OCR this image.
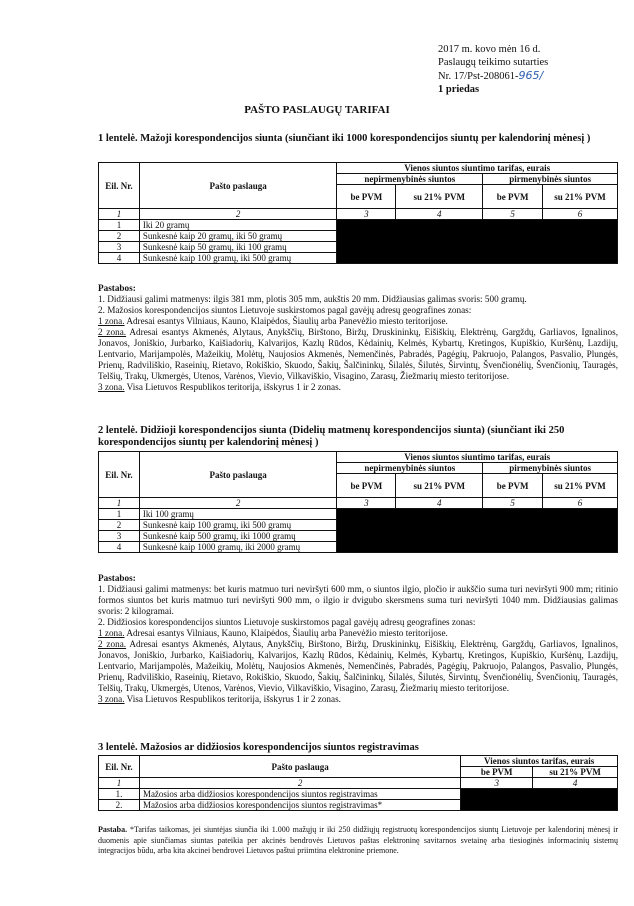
2017 m. kovo mėn 16 d.
Paslaugų teikimo sutarties
Nr. 17/Pst-208061-965/
1 priedas
PAŠTO PASLAUGŲ TARIFAI
1 lentelė. Mažoji korespondencijos siunta (siunčiant iki 1000 korespondencijos siuntų per kalendorinį mėnesį )
Eil. Nr.	Pašto paslauga	Vienos siuntos siuntimo tarifas, eurais			
		nepirmenybinės siuntos		pirmenybinės siuntos	
		be PVM	su 21% PVM	be PVM	su 21% PVM
1	2	3	4	5	6
1	Iki 20 gramų				
2	Sunkesnė kaip 20 gramų, iki 50 gramų				
3	Sunkesnė kaip 50 gramų, iki 100 gramų				
4	Sunkesnė kaip 100 gramų, iki 500 gramų				

Pastabos:

1. Didžiausi galimi matmenys: ilgis 381 mm, plotis 305 mm, aukštis 20 mm. Didžiausias galimas svoris: 500 gramų.

2. Mažosios korespondencijos siuntos Lietuvoje suskirstomos pagal gavėjų adresų geografines zonas:

1 zona. Adresai esantys Vilniaus, Kauno, Klaipėdos, Šiaulių arba Panevėžio miesto teritorijose.

2 zona. Adresai esantys Akmenės, Alytaus, Anykščių, Birštono, Biržų, Druskininkų, Eišiškių, Elektrėnų, Gargždų, Garliavos, Ignalinos, Jonavos, Joniškio, Jurbarko, Kaišiadorių, Kalvarijos, Kazlų Rūdos, Kėdainių, Kelmės, Kybartų, Kretingos, Kupiškio, Kuršėnų, Lazdijų, Lentvario, Marijampolės, Mažeikių, Molėtų, Naujosios Akmenės, Nemenčinės, Pabradės, Pagėgių, Pakruojo, Palangos, Pasvalio, Plungės, Prienų, Radviliškio, Raseinių, Rietavo, Rokiškio, Skuodo, Šakių, Šalčininkų, Šilalės, Šilutės, Širvintų, Švenčionėlių, Švenčionių, Tauragės, Telšių, Trakų, Ukmergės, Utenos, Varėnos, Vievio, Vilkaviškio, Visagino, Zarasų, Žiežmarių miesto teritorijose.

3 zona. Visa Lietuvos Respublikos teritorija, išskyrus 1 ir 2 zonas.

2 lentelė. Didžioji korespondencijos siunta (Didelių matmenų korespondencijos siunta) (siunčiant iki 250 korespondencijos siuntų per kalendorinį mėnesį )
Eil. Nr.	Pašto paslauga	Vienos siuntos siuntimo tarifas, eurais			
		nepirmenybinės siuntos		pirmenybinės siuntos	
		be PVM	su 21% PVM	be PVM	su 21% PVM
1	2	3	4	5	6
1	Iki 100 gramų				
2	Sunkesnė kaip 100 gramų, iki 500 gramų				
3	Sunkesnė kaip 500 gramų, iki 1000 gramų				
4	Sunkesnė kaip 1000 gramų, iki 2000 gramų				

Pastabos:

1. Didžiausi galimi matmenys: bet kuris matmuo turi neviršyti 600 mm, o siuntos ilgio, pločio ir aukščio suma turi neviršyti 900 mm; ritinio formos siuntos bet kuris matmuo turi neviršyti 900 mm, o ilgio ir dvigubo skersmens suma turi neviršyti 1040 mm. Didžiausias galimas svoris: 2 kilogramai.

2. Didžiosios korespondencijos siuntos Lietuvoje suskirstomos pagal gavėjų adresų geografines zonas:

1 zona. Adresai esantys Vilniaus, Kauno, Klaipėdos, Šiaulių arba Panevėžio miesto teritorijose.

2 zona. Adresai esantys Akmenės, Alytaus, Anykščių, Birštono, Biržų, Druskininkų, Eišiškių, Elektrėnų, Gargždų, Garliavos, Ignalinos, Jonavos, Joniškio, Jurbarko, Kaišiadorių, Kalvarijos, Kazlų Rūdos, Kėdainių, Kelmės, Kybartų, Kretingos, Kupiškio, Kuršėnų, Lazdijų, Lentvario, Marijampolės, Mažeikių, Molėtų, Naujosios Akmenės, Nemenčinės, Pabradės, Pagėgių, Pakruojo, Palangos, Pasvalio, Plungės, Prienų, Radviliškio, Raseinių, Rietavo, Rokiškio, Skuodo, Šakių, Šalčininkų, Šilalės, Šilutės, Širvintų, Švenčionėlių, Švenčionių, Tauragės, Telšių, Trakų, Ukmergės, Utenos, Varėnos, Vievio, Vilkaviškio, Visagino, Zarasų, Žiežmarių miesto teritorijose.

3 zona. Visa Lietuvos Respublikos teritorija, išskyrus 1 ir 2 zonas.

3 lentelė. Mažosios ar didžiosios korespondencijos siuntos registravimas
Eil. Nr.	Pašto paslauga	Vienos siuntos tarifas, eurais	
		be PVM	su 21% PVM
1	2	3	4
1.	Mažosios arba didžiosios korespondencijos siuntos registravimas		
2.	Mažosios arba didžiosios korespondencijos siuntos registravimas*		
Pastaba. *Tarifas taikomas, jei siuntėjas siunčia iki 1.000 mažųjų ir iki 250 didžiųjų registruotų korespondencijos siuntų Lietuvoje per kalendorinį mėnesį ir duomenis apie siunčiamas siuntas pateikia per akcinės bendrovės Lietuvos paštas elektroninę savitarnos svetainę arba tiesioginės informacinių sistemų integracijos būdu, arba kita akcinei bendrovei Lietuvos paštui priimtina elektronine priemone.
